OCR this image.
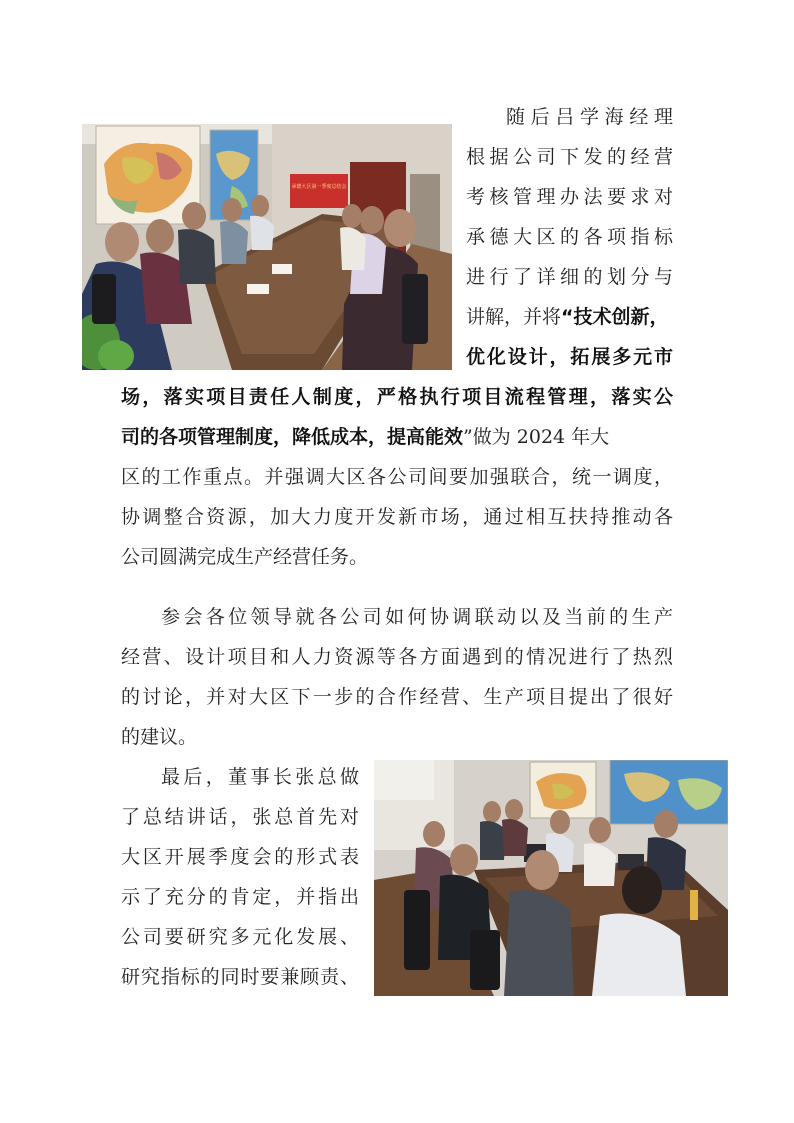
承德大区第一季度总结会
随后吕学海经理
根据公司下发的经营
考核管理办法要求对
承德大区的各项指标
进行了详细的划分与
讲解，并将“技术创新，
优化设计，拓展多元市
场，落实项目责任人制度，严格执行项目流程管理，落实公
司的各项管理制度，降低成本，提高能效”做为 2024 年大
区的工作重点。并强调大区各公司间要加强联合，统一调度，
协调整合资源，加大力度开发新市场，通过相互扶持推动各
公司圆满完成生产经营任务。
参会各位领导就各公司如何协调联动以及当前的生产
经营、设计项目和人力资源等各方面遇到的情况进行了热烈
的讨论，并对大区下一步的合作经营、生产项目提出了很好
的建议。
最后，董事长张总做
了总结讲话，张总首先对
大区开展季度会的形式表
示了充分的肯定，并指出
公司要研究多元化发展、
研究指标的同时要兼顾责、
